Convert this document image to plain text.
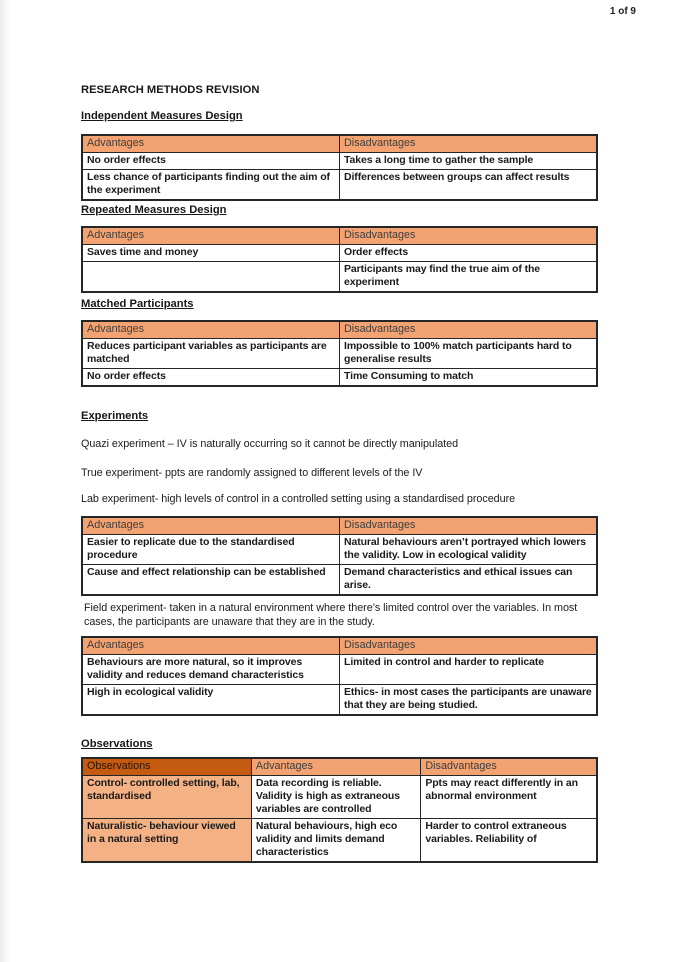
1 of 9
RESEARCH METHODS REVISION
Independent Measures Design
Advantages	Disadvantages
No order effects	Takes a long time to gather the sample
Less chance of participants finding out the aim of the experiment	Differences between groups can affect results
Repeated Measures Design
Advantages	Disadvantages
Saves time and money	Order effects
	Participants may find the true aim of the experiment
Matched Participants
Advantages	Disadvantages
Reduces participant variables as participants are matched	Impossible to 100% match participants hard to generalise results
No order effects	Time Consuming to match
Experiments

Quazi experiment – IV is naturally occurring so it cannot be directly manipulated

True experiment- ppts are randomly assigned to different levels of the IV

Lab experiment- high levels of control in a controlled setting using a standardised procedure

Advantages	Disadvantages
Easier to replicate due to the standardised procedure	Natural behaviours aren’t portrayed which lowers the validity. Low in ecological validity
Cause and effect relationship can be established	Demand characteristics and ethical issues can arise.

Field experiment- taken in a natural environment where there’s limited control over the variables. In most cases, the participants are unaware that they are in the study.

Advantages	Disadvantages
Behaviours are more natural, so it improves validity and reduces demand characteristics	Limited in control and harder to replicate
High in ecological validity	Ethics- in most cases the participants are unaware that they are being studied.
Observations
Observations	Advantages	Disadvantages
Control- controlled setting, lab, standardised	Data recording is reliable. Validity is high as extraneous variables are controlled	Ppts may react differently in an abnormal environment
Naturalistic- behaviour viewed in a natural setting	Natural behaviours, high eco validity and limits demand characteristics	Harder to control extraneous variables. Reliability of
